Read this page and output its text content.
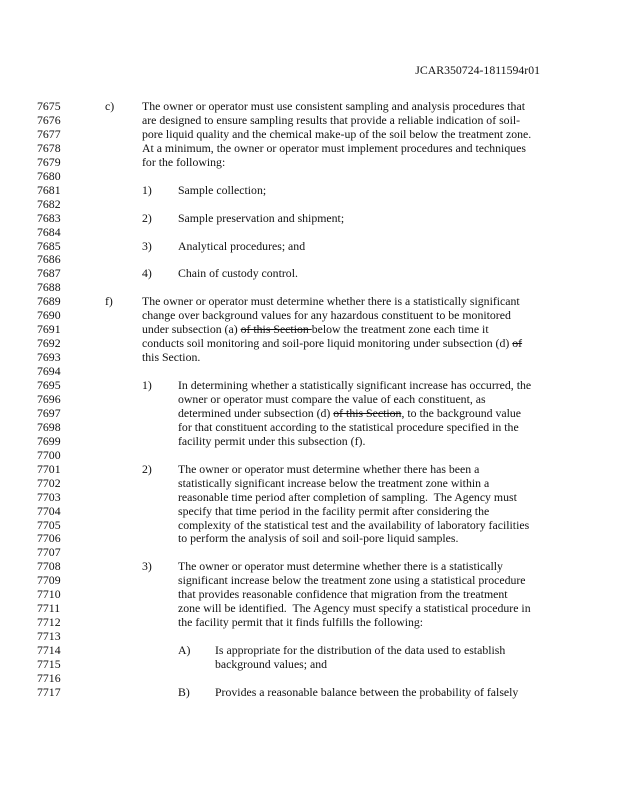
JCAR350724-1811594r01
7675	c) The owner or operator must use consistent sampling and analysis procedures that
7676	are designed to ensure sampling results that provide a reliable indication of soil-
7677	pore liquid quality and the chemical make-up of the soil below the treatment zone.
7678	At a minimum, the owner or operator must implement procedures and techniques
7679	for the following:
7680
7681	1) Sample collection;
7682
7683	2) Sample preservation and shipment;
7684
7685	3) Analytical procedures; and
7686
7687	4) Chain of custody control.
7688
7689	f) The owner or operator must determine whether there is a statistically significant
7690	change over background values for any hazardous constituent to be monitored
7691	under subsection (a) of this Section below the treatment zone each time it
7692	conducts soil monitoring and soil-pore liquid monitoring under subsection (d) of
7693	this Section.
7694
7695	1) In determining whether a statistically significant increase has occurred, the
7696	owner or operator must compare the value of each constituent, as
7697	determined under subsection (d) of this Section, to the background value
7698	for that constituent according to the statistical procedure specified in the
7699	facility permit under this subsection (f).
7700
7701	2) The owner or operator must determine whether there has been a
7702	statistically significant increase below the treatment zone within a
7703	reasonable time period after completion of sampling.  The Agency must
7704	specify that time period in the facility permit after considering the
7705	complexity of the statistical test and the availability of laboratory facilities
7706	to perform the analysis of soil and soil-pore liquid samples.
7707
7708	3) The owner or operator must determine whether there is a statistically
7709	significant increase below the treatment zone using a statistical procedure
7710	that provides reasonable confidence that migration from the treatment
7711	zone will be identified.  The Agency must specify a statistical procedure in
7712	the facility permit that it finds fulfills the following:
7713
7714	A) Is appropriate for the distribution of the data used to establish
7715	background values; and
7716
7717	B) Provides a reasonable balance between the probability of falsely
